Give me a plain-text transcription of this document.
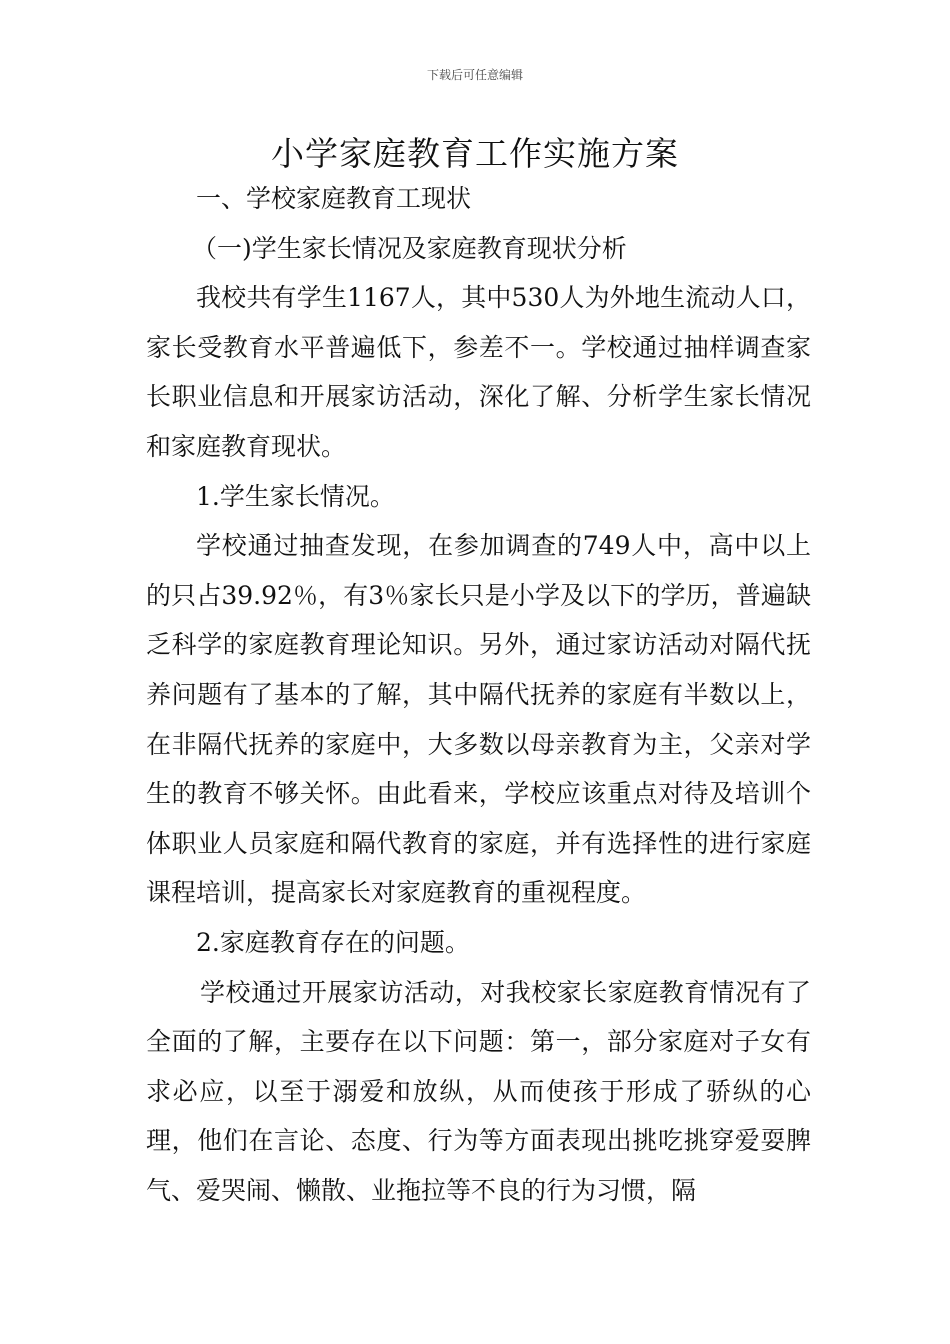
下载后可任意编辑
小学家庭教育工作实施方案

一、学校家庭教育工现状

（一)学生家长情况及家庭教育现状分析

我校共有学生1167人，其中530人为外地生流动人口，家长受教育水平普遍低下，参差不一。学校通过抽样调查家长职业信息和开展家访活动，深化了解、分析学生家长情况和家庭教育现状。

1.学生家长情况。

学校通过抽查发现，在参加调查的749人中，高中以上的只占39.92％，有3％家长只是小学及以下的学历，普遍缺乏科学的家庭教育理论知识。另外，通过家访活动对隔代抚养问题有了基本的了解，其中隔代抚养的家庭有半数以上，在非隔代抚养的家庭中，大多数以母亲教育为主，父亲对学生的教育不够关怀。由此看来，学校应该重点对待及培训个体职业人员家庭和隔代教育的家庭，并有选择性的进行家庭课程培训，提高家长对家庭教育的重视程度。

2.家庭教育存在的问题。

学校通过开展家访活动，对我校家长家庭教育情况有了全面的了解，主要存在以下问题：第一，部分家庭对子女有求必应，以至于溺爱和放纵，从而使孩于形成了骄纵的心理，他们在言论、态度、行为等方面表现出挑吃挑穿爱耍脾气、爱哭闹、懒散、业拖拉等不良的行为习惯，隔
